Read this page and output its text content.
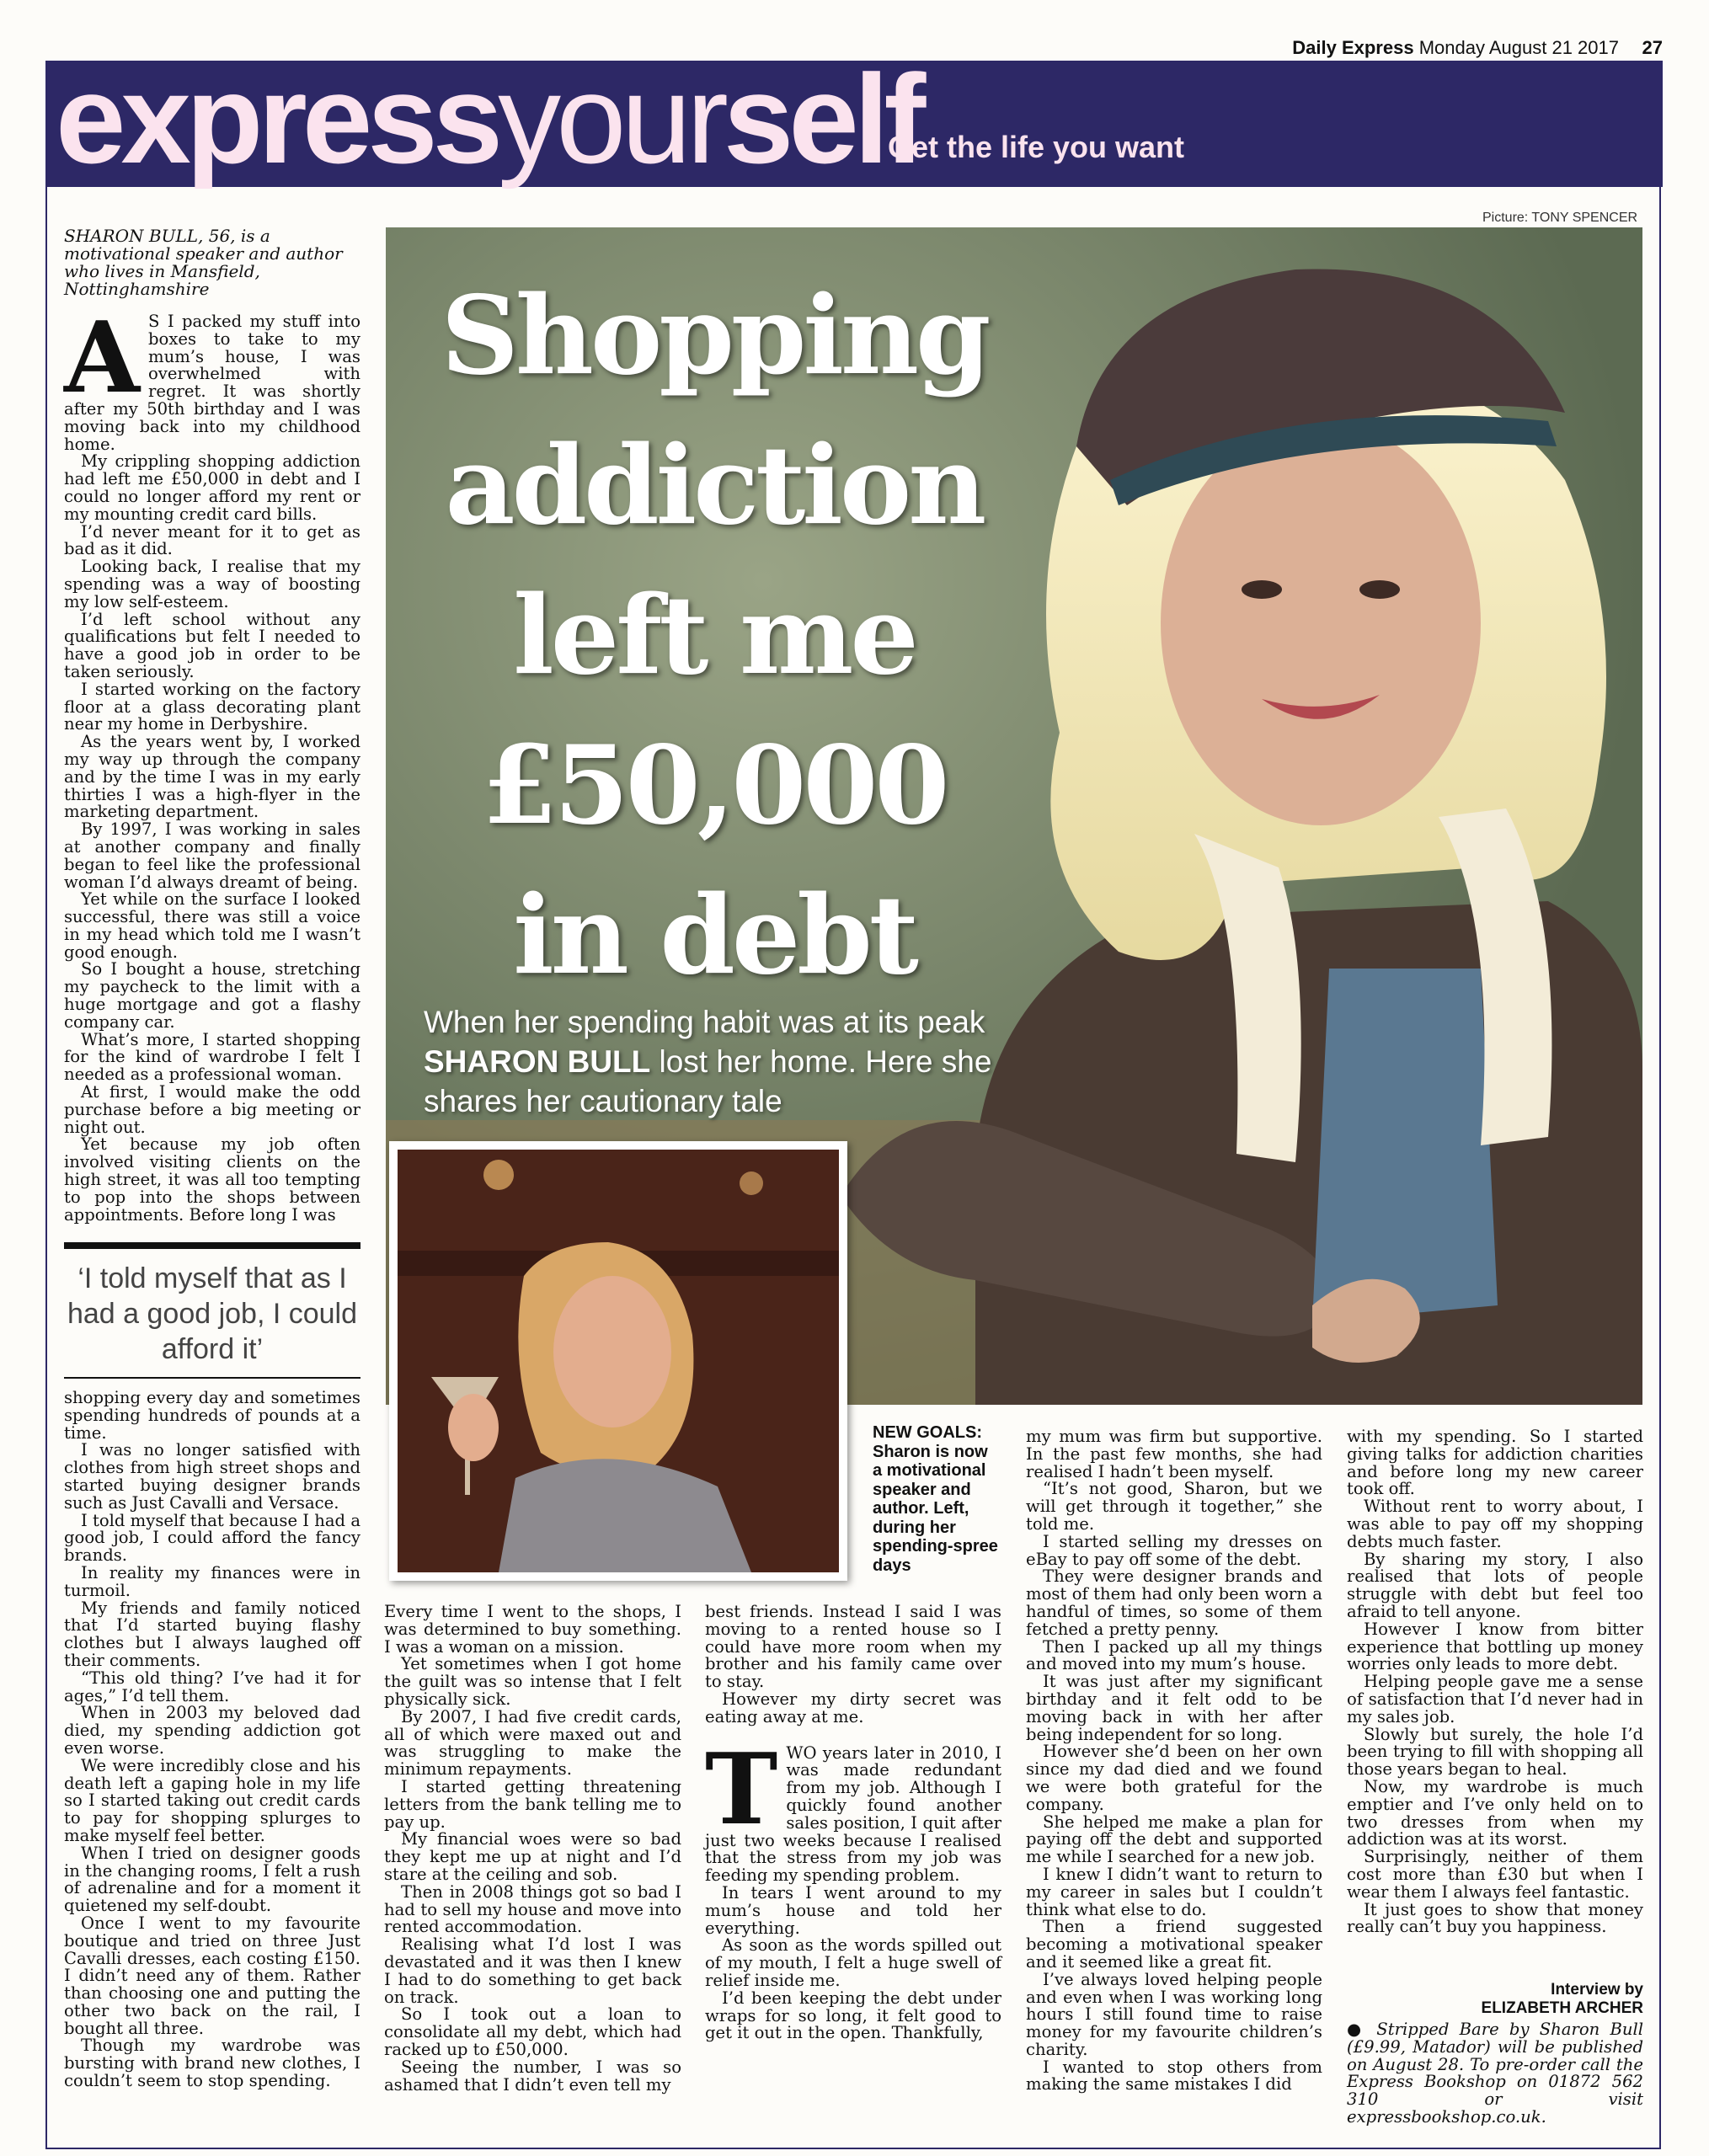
Daily Express Monday August 21 2017 27
expressyourself
Get the life you want
Picture: TONY SPENCER
Shopping
addiction
left me
£50,000
in debt
When her spending habit was at its peak SHARON BULL lost her home. Here she shares her cautionary tale
NEW GOALS: Sharon is now a motivational speaker and author. Left, during her spending-spree days
SHARON BULL, 56, is a motivational speaker and author who lives in Mansfield, Nottinghamshire

A S I packed my stuff into boxes to take to my mum’s house, I was overwhelmed with regret. It was shortly after my 50th birthday and I was moving back into my childhood home.

My crippling shopping addiction had left me £50,000 in debt and I could no longer afford my rent or my mounting credit card bills.

I’d never meant for it to get as bad as it did.

Looking back, I realise that my spending was a way of boosting my low self-esteem.

I’d left school without any qualifications but felt I needed to have a good job in order to be taken seriously.

I started working on the factory floor at a glass decorating plant near my home in Derbyshire.

As the years went by, I worked my way up through the company and by the time I was in my early thirties I was a high-flyer in the marketing department.

By 1997, I was working in sales at another company and finally began to feel like the professional woman I’d always dreamt of being.

Yet while on the surface I looked successful, there was still a voice in my head which told me I wasn’t good enough.

So I bought a house, stretching my paycheck to the limit with a huge mortgage and got a flashy company car.

What’s more, I started shopping for the kind of wardrobe I felt I needed as a professional woman.

At first, I would make the odd purchase before a big meeting or night out.

Yet because my job often involved visiting clients on the high street, it was all too tempting to pop into the shops between appointments. Before long I was

‘I told myself that as I had a good job, I could afford it’

shopping every day and sometimes spending hundreds of pounds at a time.

I was no longer satisfied with clothes from high street shops and started buying designer brands such as Just Cavalli and Versace.

I told myself that because I had a good job, I could afford the fancy brands.

In reality my finances were in turmoil.

My friends and family noticed that I’d started buying flashy clothes but I always laughed off their comments.

“This old thing? I’ve had it for ages,” I’d tell them.

When in 2003 my beloved dad died, my spending addiction got even worse.

We were incredibly close and his death left a gaping hole in my life so I started taking out credit cards to pay for shopping splurges to make myself feel better.

When I tried on designer goods in the changing rooms, I felt a rush of adrenaline and for a moment it quietened my self-doubt.

Once I went to my favourite boutique and tried on three Just Cavalli dresses, each costing £150. I didn’t need any of them. Rather than choosing one and putting the other two back on the rail, I bought all three.

Though my wardrobe was bursting with brand new clothes, I couldn’t seem to stop spending.

Every time I went to the shops, I was determined to buy something. I was a woman on a mission.

Yet sometimes when I got home the guilt was so intense that I felt physically sick.

By 2007, I had five credit cards, all of which were maxed out and was struggling to make the minimum repayments.

I started getting threatening letters from the bank telling me to pay up.

My financial woes were so bad they kept me up at night and I’d stare at the ceiling and sob.

Then in 2008 things got so bad I had to sell my house and move into rented accommodation.

Realising what I’d lost I was devastated and it was then I knew I had to do something to get back on track.

So I took out a loan to consolidate all my debt, which had racked up to £50,000.

Seeing the number, I was so ashamed that I didn’t even tell my

best friends. Instead I said I was moving to a rented house so I could have more room when my brother and his family came over to stay.

However my dirty secret was eating away at me.

TWO years later in 2010, I was made redundant from my job. Although I quickly found another sales position, I quit after just two weeks because I realised that the stress from my job was feeding my spending problem.

In tears I went around to my mum’s house and told her everything.

As soon as the words spilled out of my mouth, I felt a huge swell of relief inside me.

I’d been keeping the debt under wraps for so long, it felt good to get it out in the open. Thankfully,

my mum was firm but supportive. In the past few months, she had realised I hadn’t been myself.

“It’s not good, Sharon, but we will get through it together,” she told me.

I started selling my dresses on eBay to pay off some of the debt.

They were designer brands and most of them had only been worn a handful of times, so some of them fetched a pretty penny.

Then I packed up all my things and moved into my mum’s house.

It was just after my significant birthday and it felt odd to be moving back in with her after being independent for so long.

However she’d been on her own since my dad died and we found we were both grateful for the company.

She helped me make a plan for paying off the debt and supported me while I searched for a new job.

I knew I didn’t want to return to my career in sales but I couldn’t think what else to do.

Then a friend suggested becoming a motivational speaker and it seemed like a great fit.

I’ve always loved helping people and even when I was working long hours I still found time to raise money for my favourite children’s charity.

I wanted to stop others from making the same mistakes I did

with my spending. So I started giving talks for addiction charities and before long my new career took off.

Without rent to worry about, I was able to pay off my shopping debts much faster.

By sharing my story, I also realised that lots of people struggle with debt but feel too afraid to tell anyone.

However I know from bitter experience that bottling up money worries only leads to more debt.

Helping people gave me a sense of satisfaction that I’d never had in my sales job.

Slowly but surely, the hole I’d been trying to fill with shopping all those years began to heal.

Now, my wardrobe is much emptier and I’ve only held on to two dresses from when my addiction was at its worst.

Surprisingly, neither of them cost more than £30 but when I wear them I always feel fantastic.

It just goes to show that money really can’t buy you happiness.

Interview by
ELIZABETH ARCHER
● Stripped Bare by Sharon Bull (£9.99, Matador) will be published on August 28. To pre-order call the Express Bookshop on 01872 562 310 or visit expressbookshop.co.uk.
